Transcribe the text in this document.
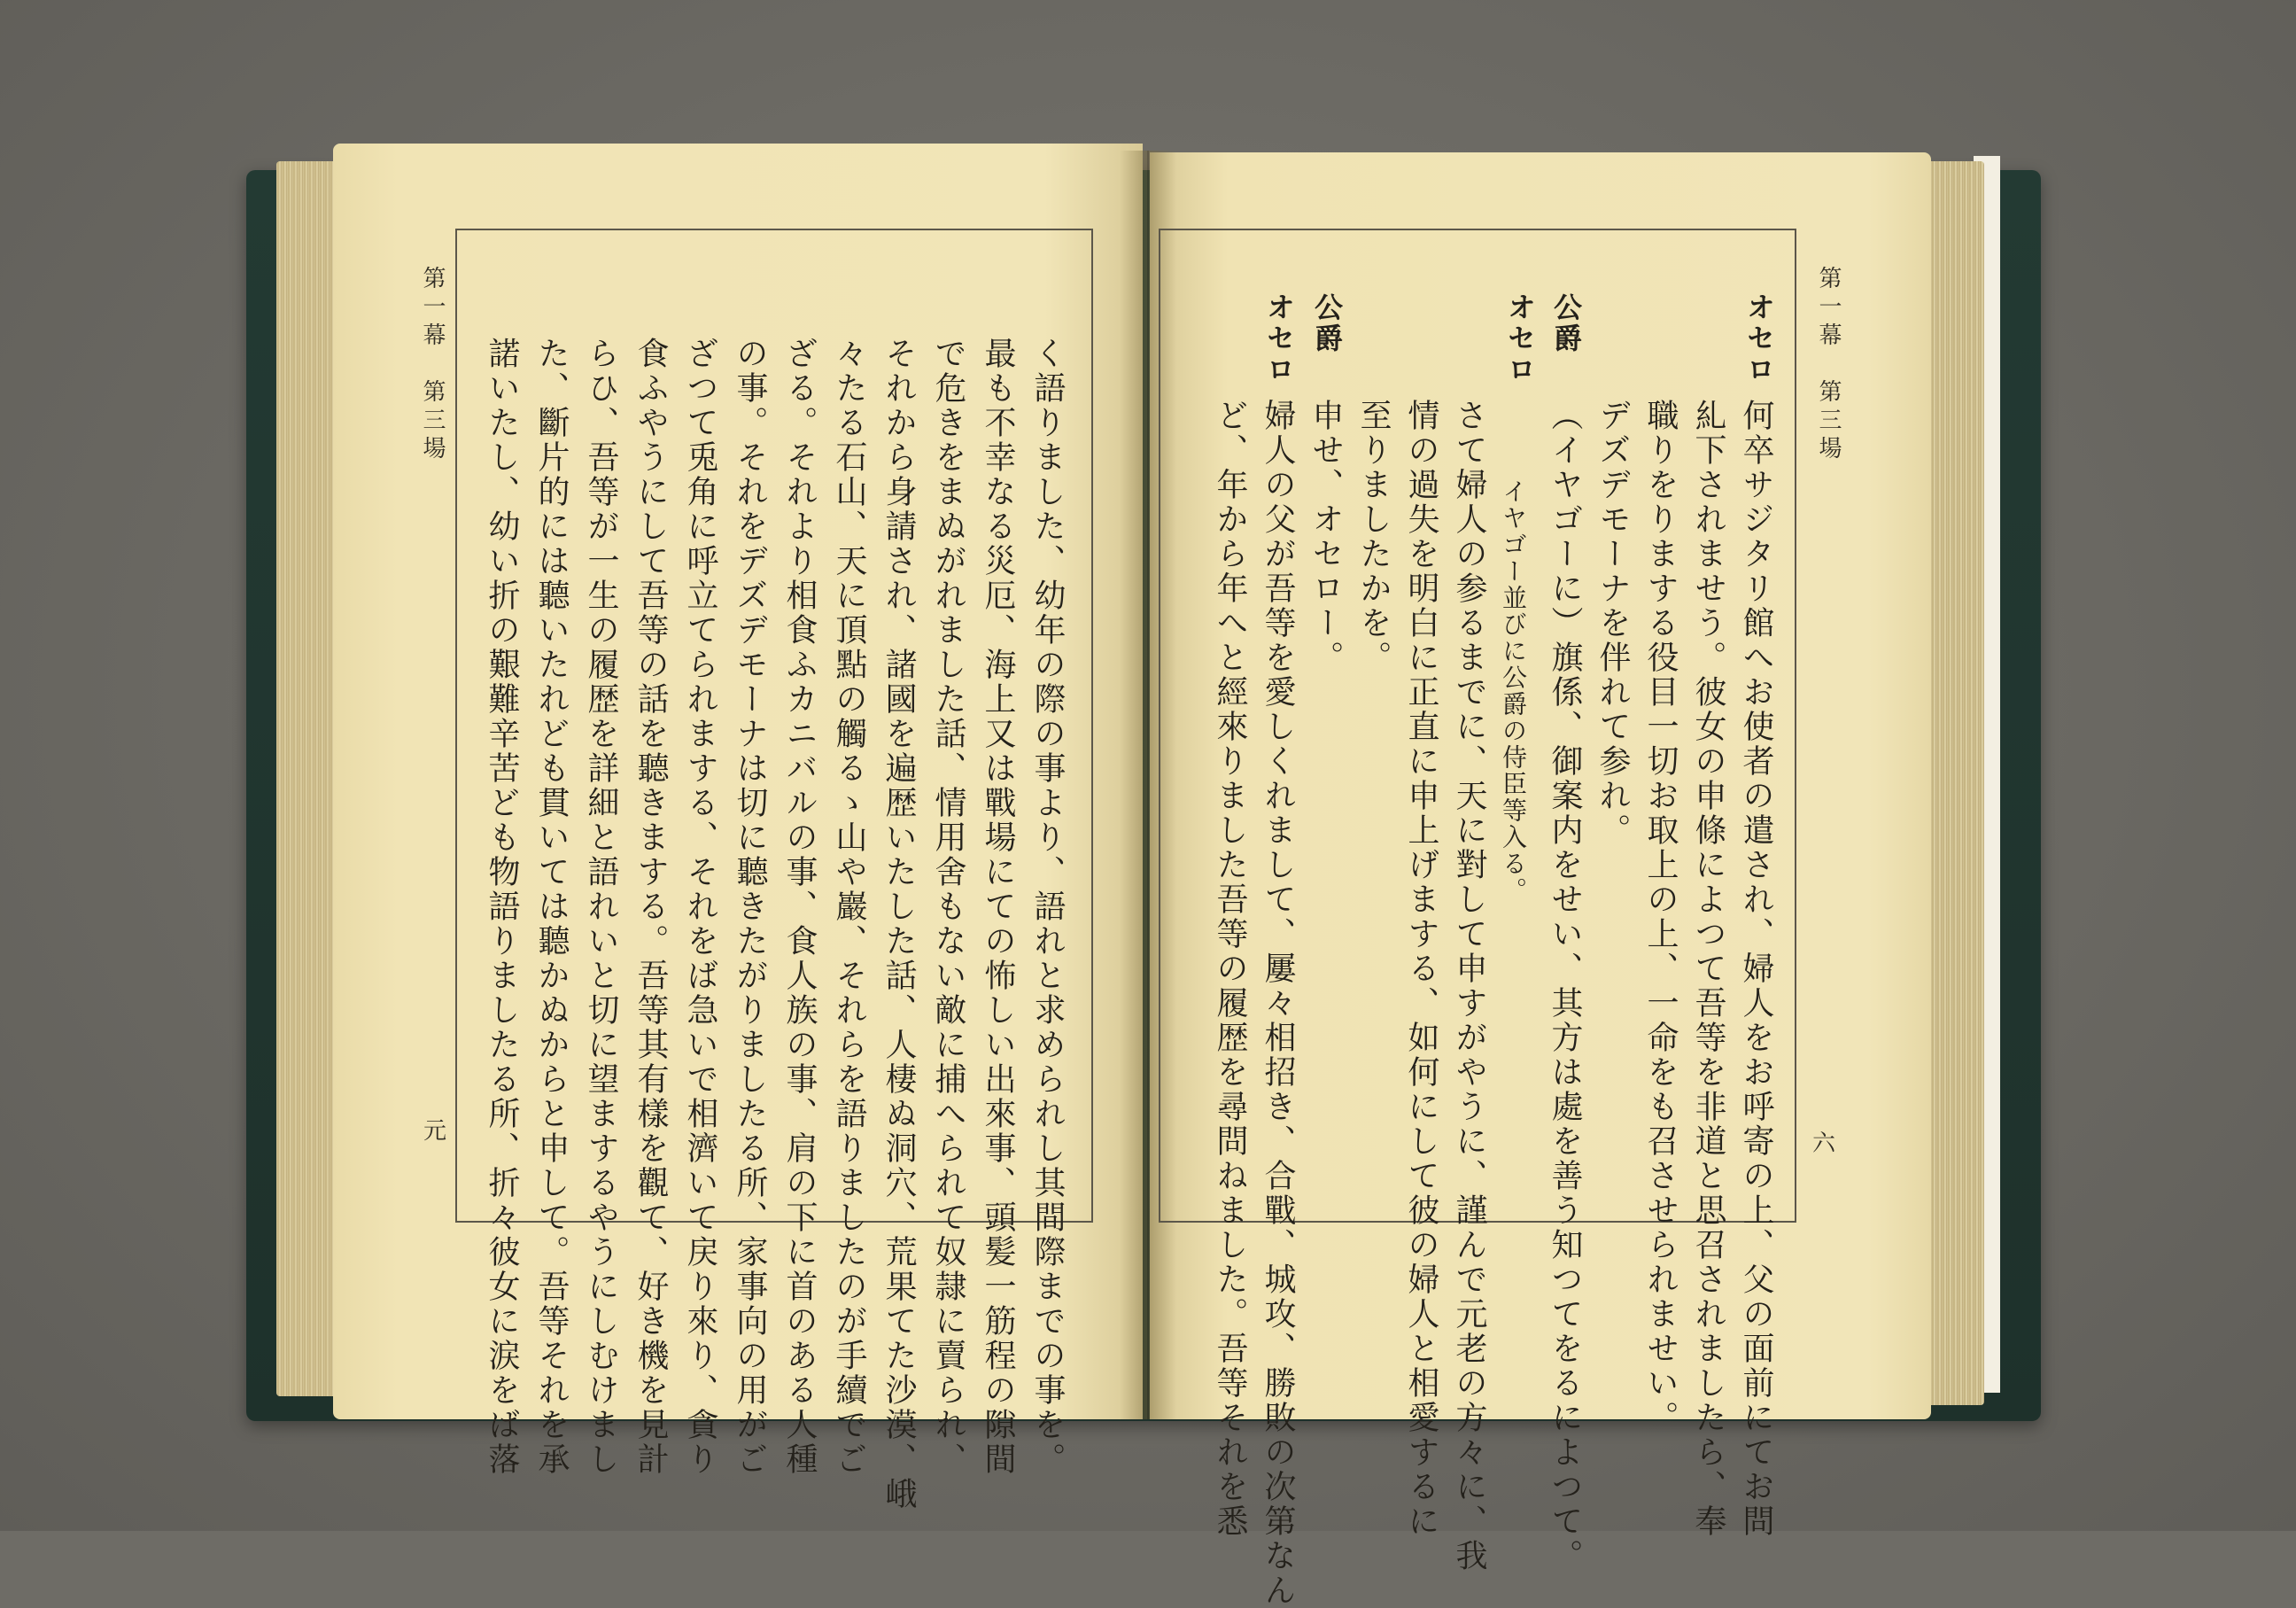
第一幕　第三場
元
第一幕　第三場
六
く語りました、幼年の際の事より、語れと求められし其間際までの事を。
最も不幸なる災厄、海上又は戰場にての怖しい出來事、頭髪一筋程の隙間
で危きをまぬがれました話、情用舍もない敵に捕へられて奴隷に賣られ、
それから身請され、諸國を遍歴いたした話、人棲ぬ洞穴、荒果てた沙漠、峨
々たる石山、天に頂點の觸るゝ山や巖、それらを語りましたのが手續でご
ざる。それより相食ふカニバルの事、食人族の事、肩の下に首のある人種
の事。それをデズデモーナは切に聽きたがりましたる所、家事向の用がご
ざつて兎角に呼立てられまする、それをば急いで相濟いて戻り來り、貪り
食ふやうにして吾等の話を聽きまする。吾等其有樣を觀て、好き機を見計
らひ、吾等が一生の履歴を詳細と語れいと切に望まするやうにしむけまし
た、斷片的には聽いたれども貫いては聽かぬからと申して。吾等それを承
諾いたし、幼い折の艱難辛苦ども物語りましたる所、折々彼女に涙をば落	オセロ
何卒サジタリ館へお使者の遣され、婦人をお呼寄の上、父の面前にてお問
糺下されませう。彼女の申條によつて吾等を非道と思召されましたら、奉
職りをりまする役目一切お取上の上、一命をも召させられませい。
デズデモーナを伴れて参れ。
公爵
（イヤゴーに）旗係、御案内をせい、其方は處を善う知つてをるによつて。
オセロ
イヤゴー並びに公爵の侍臣等入る。
さて婦人の参るまでに、天に對して申すがやうに、謹んで元老の方々に、我
情の過失を明白に正直に申上げまする、如何にして彼の婦人と相愛するに
至りましたかを。
公爵
申せ、オセロー。
オセロ
婦人の父が吾等を愛しくれまして、屢々相招き、合戰、城攻、勝敗の次第なん
ど、年から年へと經來りました吾等の履歴を尋問ねました。吾等それを悉
